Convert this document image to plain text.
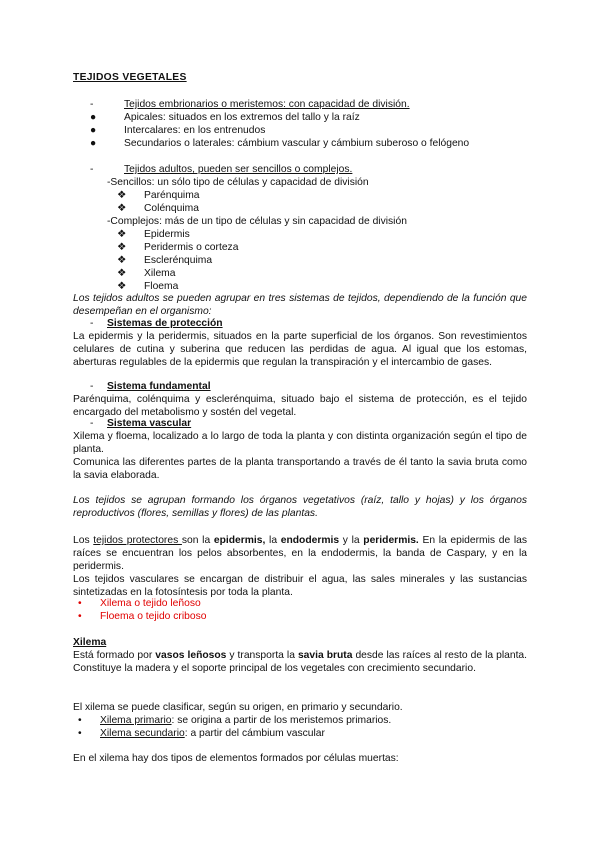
TEJIDOS VEGETALES
-	Tejidos embrionarios o meristemos: con capacidad de división.
●	Apicales: situados en los extremos del tallo y la raíz
●	Intercalares: en los entrenudos
●	Secundarios o laterales: cámbium vascular y cámbium suberoso o felógeno
-	Tejidos adultos, pueden ser sencillos o complejos.
-Sencillos: un sólo tipo de células y capacidad de división
❖ Parénquima
❖ Colénquima
-Complejos: más de un tipo de células y sin capacidad de división
❖ Epidermis
❖ Peridermis o corteza
❖ Esclerénquima
❖ Xilema
❖ Floema
Los tejidos adultos se pueden agrupar en tres sistemas de tejidos, dependiendo de la función que desempeñan en el organismo:
- Sistemas de protección
La epidermis y la peridermis, situados en la parte superficial de los órganos. Son revestimientos celulares de cutina y suberina que reducen las perdidas de agua. Al igual que los estomas, aberturas regulables de la epidermis que regulan la transpiración y el intercambio de gases.
- Sistema fundamental
Parénquima, colénquima y esclerénquima, situado bajo el sistema de protección, es el tejido encargado del metabolismo y sostén del vegetal.
- Sistema vascular
Xilema y floema, localizado a lo largo de toda la planta y con distinta organización según el tipo de planta.
Comunica las diferentes partes de la planta transportando a través de él tanto la savia bruta como la savia elaborada.
Los tejidos se agrupan formando los órganos vegetativos (raíz, tallo y hojas) y los órganos reproductivos (flores, semillas y flores) de las plantas.
Los tejidos protectores son la epidermis, la endodermis y la peridermis. En la epidermis de las raíces se encuentran los pelos absorbentes, en la endodermis, la banda de Caspary, y en la peridermis.
Los tejidos vasculares se encargan de distribuir el agua, las sales minerales y las sustancias sintetizadas en la fotosíntesis por toda la planta.
• Xilema o tejido leñoso
• Floema o tejido criboso
Xilema
Está formado por vasos leñosos y transporta la savia bruta desde las raíces al resto de la planta. Constituye la madera y el soporte principal de los vegetales con crecimiento secundario.
El xilema se puede clasificar, según su origen, en primario y secundario.
• Xilema primario: se origina a partir de los meristemos primarios.
• Xilema secundario: a partir del cámbium vascular
En el xilema hay dos tipos de elementos formados por células muertas:
